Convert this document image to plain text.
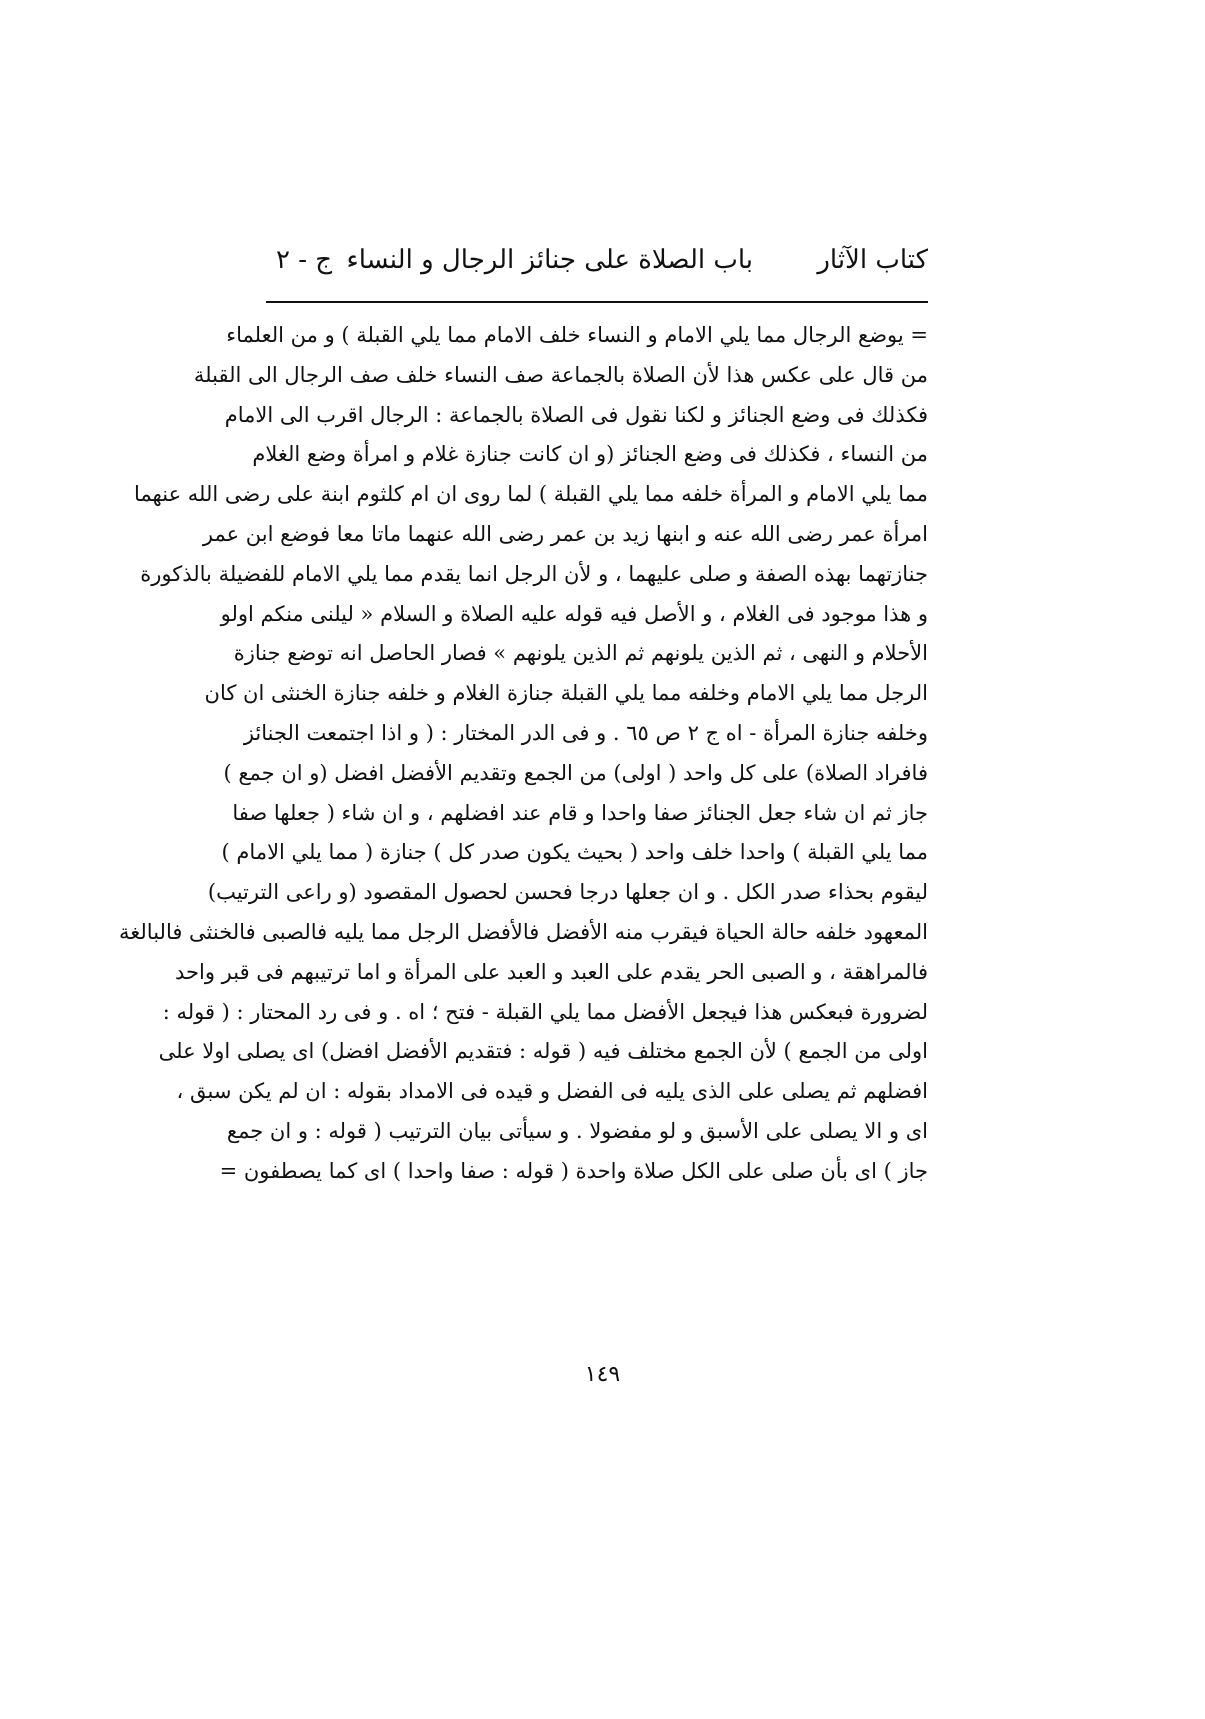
كتاب الآثار
باب الصلاة على جنائز الرجال و النساء
ج - ٢
= يوضع الرجال مما يلي الامام و النساء خلف الامام مما يلي القبلة ) و من العلماء
من قال على عكس هذا لأن الصلاة بالجماعة صف النساء خلف صف الرجال الى القبلة
فكذلك فى وضع الجنائز و لكنا نقول فى الصلاة بالجماعة : الرجال اقرب الى الامام
من النساء ، فكذلك فى وضع الجنائز (و ان كانت جنازة غلام و امرأة وضع الغلام
مما يلي الامام و المرأة خلفه مما يلي القبلة ) لما روى ان ام كلثوم ابنة على رضى الله عنهما
امرأة عمر رضى الله عنه و ابنها زيد بن عمر رضى الله عنهما ماتا معا فوضع ابن عمر
جنازتهما بهذه الصفة و صلى عليهما ، و لأن الرجل انما يقدم مما يلي الامام للفضيلة بالذكورة
و هذا موجود فى الغلام ، و الأصل فيه قوله عليه الصلاة و السلام « ليلنى منكم اولو
الأحلام و النهى ، ثم الذين يلونهم ثم الذين يلونهم » فصار الحاصل انه توضع جنازة
الرجل مما يلي الامام وخلفه مما يلي القبلة جنازة الغلام و خلفه جنازة الخنثى ان كان
وخلفه جنازة المرأة - اه ج ٢ ص ٦٥ . و فى الدر المختار : ( و اذا اجتمعت الجنائز
فافراد الصلاة) على كل واحد ( اولى) من الجمع وتقديم الأفضل افضل (و ان جمع )
جاز ثم ان شاء جعل الجنائز صفا واحدا و قام عند افضلهم ، و ان شاء ( جعلها صفا
مما يلي القبلة ) واحدا خلف واحد ( بحيث يكون صدر كل ) جنازة ( مما يلي الامام )
ليقوم بحذاء صدر الكل . و ان جعلها درجا فحسن لحصول المقصود (و راعى الترتيب)
المعهود خلفه حالة الحياة فيقرب منه الأفضل فالأفضل الرجل مما يليه فالصبى فالخنثى فالبالغة
فالمراهقة ، و الصبى الحر يقدم على العبد و العبد على المرأة و اما ترتيبهم فى قبر واحد
لضرورة فبعكس هذا فيجعل الأفضل مما يلي القبلة - فتح ؛ اه . و فى رد المحتار : ( قوله :
اولى من الجمع ) لأن الجمع مختلف فيه ( قوله : فتقديم الأفضل افضل) اى يصلى اولا على
افضلهم ثم يصلى على الذى يليه فى الفضل و قيده فى الامداد بقوله : ان لم يكن سبق ،
اى و الا يصلى على الأسبق و لو مفضولا . و سيأتى بيان الترتيب ( قوله : و ان جمع
جاز ) اى بأن صلى على الكل صلاة واحدة ( قوله : صفا واحدا ) اى كما يصطفون =
١٤٩
